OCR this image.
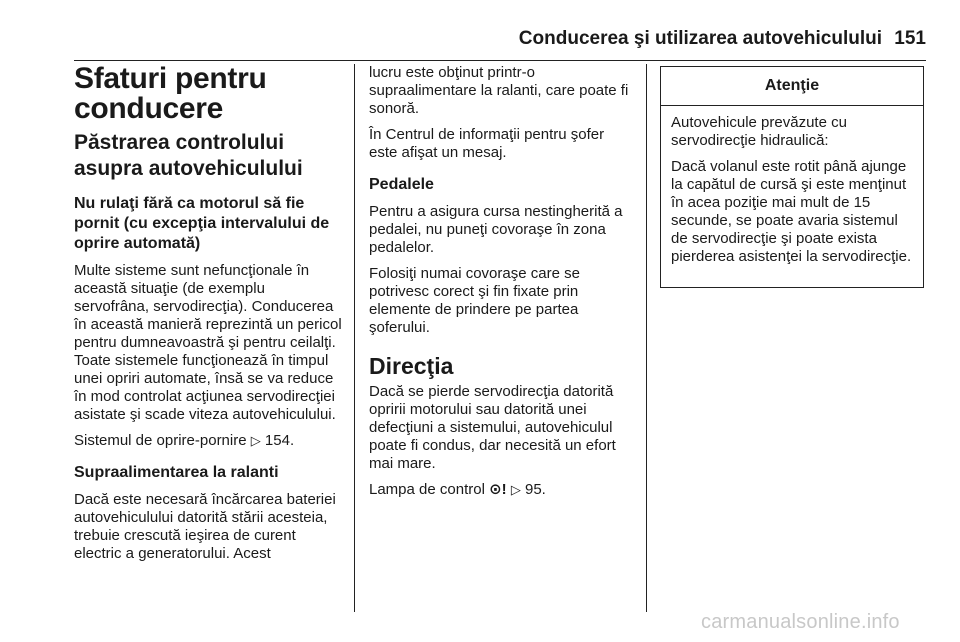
Conducerea şi utilizarea autovehiculului 151
Sfaturi pentru conducere
Păstrarea controlului asupra autovehiculului
Nu rulaţi fără ca motorul să fie pornit (cu excepţia intervalului de oprire automată)

Multe sisteme sunt nefuncţionale în această situaţie (de exemplu servofrâna, servodirecţia). Conducerea în această manieră reprezintă un pericol pentru dumneavoastră şi pentru ceilalţi. Toate sistemele funcţionează în timpul unei opriri automate, însă se va reduce în mod controlat acţiunea servodirecţiei asistate şi scade viteza autovehiculului.

Sistemul de oprire-pornire ▷ 154.

Supraalimentarea la ralanti

Dacă este necesară încărcarea bateriei autovehiculului datorită stării acesteia, trebuie crescută ieşirea de curent electric a generatorului. Acest

lucru este obţinut printr-o supraalimentare la ralanti, care poate fi sonoră.

În Centrul de informaţii pentru şofer este afişat un mesaj.

Pedalele

Pentru a asigura cursa nestingherită a pedalei, nu puneţi covoraşe în zona pedalelor.

Folosiţi numai covoraşe care se potrivesc corect şi fin fixate prin elemente de prindere pe partea şoferului.

Direcţia

Dacă se pierde servodirecţia datorită opririi motorului sau datorită unei defecţiuni a sistemului, autovehiculul poate fi condus, dar necesită un efort mai mare.

Lampa de control ⊙! ▷ 95.

Atenţie

Autovehicule prevăzute cu servodirecţie hidraulică:

Dacă volanul este rotit până ajunge la capătul de cursă şi este menţinut în acea poziţie mai mult de 15 secunde, se poate avaria sistemul de servodirecţie şi poate exista pierderea asistenţei la servodirecţie.

carmanualsonline.info
